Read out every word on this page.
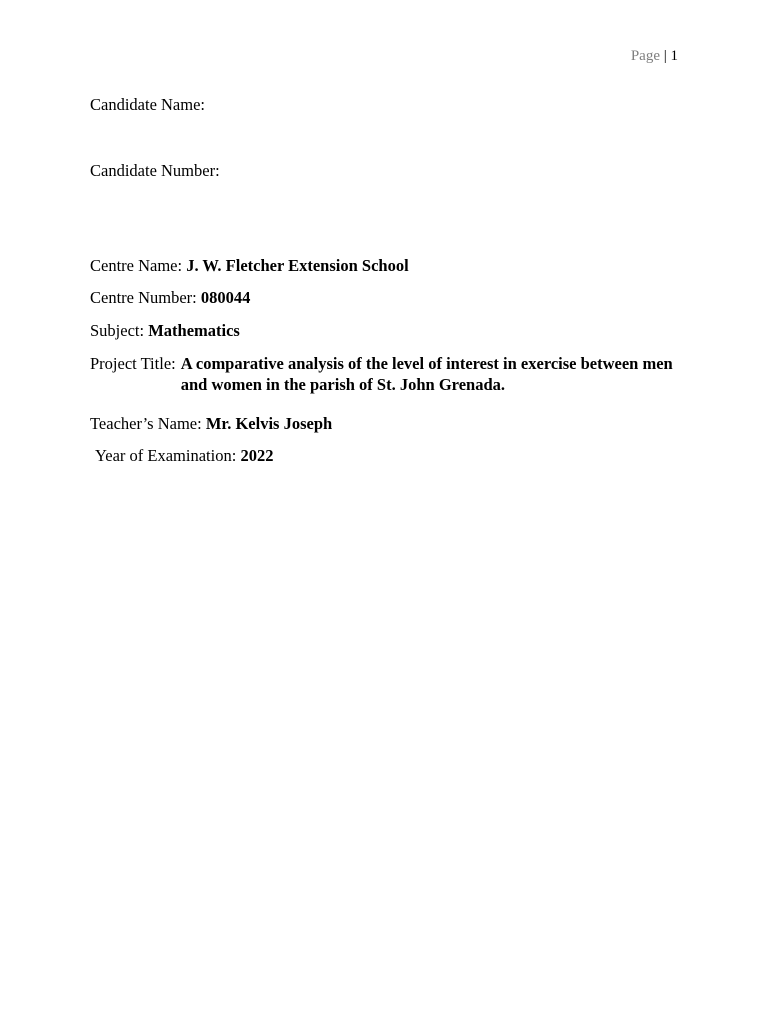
Page | 1
Candidate Name:
Candidate Number:
Centre Name: J. W. Fletcher Extension School
Centre Number: 080044
Subject: Mathematics
Project Title: A comparative analysis of the level of interest in exercise between men and women in the parish of St. John Grenada.
Teacher’s Name: Mr. Kelvis Joseph
Year of Examination: 2022
